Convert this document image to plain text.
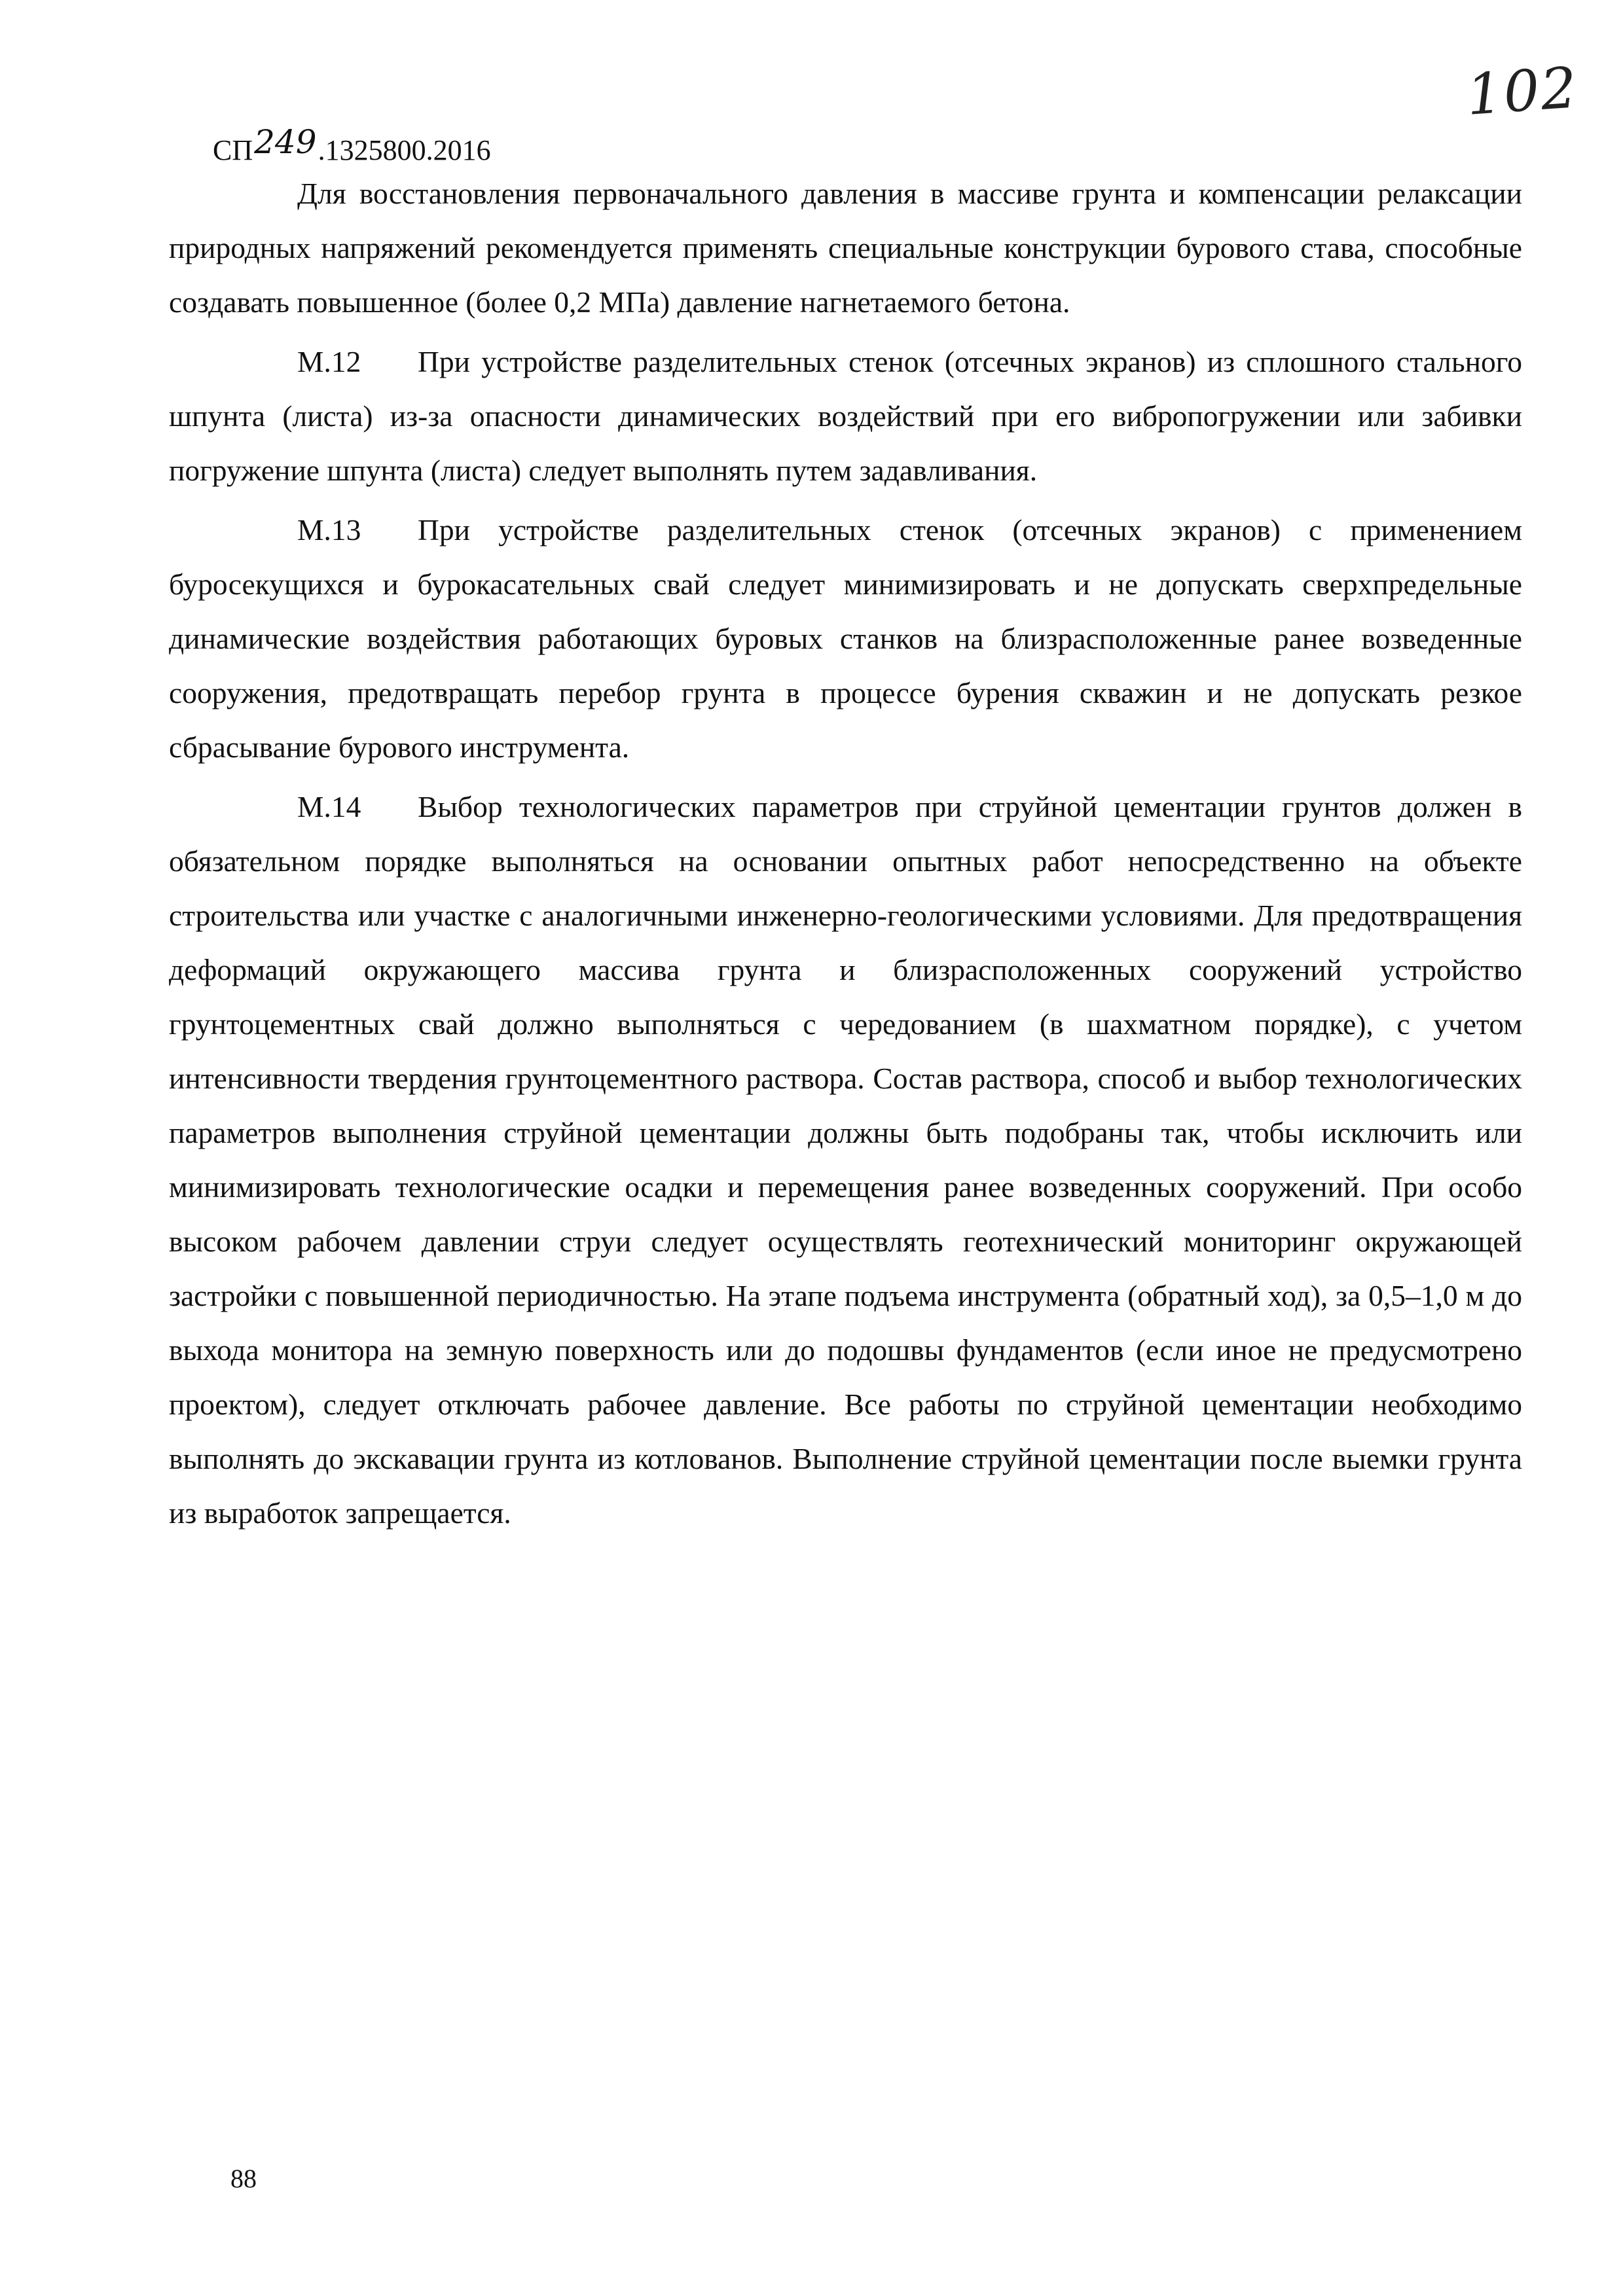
102
СП 249 .1325800.2016

Для восстановления первоначального давления в массиве грунта и компенсации релаксации природных напряжений рекомендуется применять специальные конструкции бурового става, способные создавать повышенное (более 0,2 МПа) давление нагнетаемого бетона.

М.12 При устройстве разделительных стенок (отсечных экранов) из сплошного стального шпунта (листа) из-за опасности динамических воздействий при его вибропогружении или забивки погружение шпунта (листа) следует выполнять путем задавливания.

М.13 При устройстве разделительных стенок (отсечных экранов) с применением буросекущихся и бурокасательных свай следует минимизировать и не допускать сверхпредельные динамические воздействия работающих буровых станков на близрасположенные ранее возведенные сооружения, предотвращать перебор грунта в процессе бурения скважин и не допускать резкое сбрасывание бурового инструмента.

М.14 Выбор технологических параметров при струйной цементации грунтов должен в обязательном порядке выполняться на основании опытных работ непосредственно на объекте строительства или участке с аналогичными инженерно-геологическими условиями. Для предотвращения деформаций окружающего массива грунта и близрасположенных сооружений устройство грунтоцементных свай должно выполняться с чередованием (в шахматном порядке), с учетом интенсивности твердения грунтоцементного раствора. Состав раствора, способ и выбор технологических параметров выполнения струйной цементации должны быть подобраны так, чтобы исключить или минимизировать технологические осадки и перемещения ранее возведенных сооружений. При особо высоком рабочем давлении струи следует осуществлять геотехнический мониторинг окружающей застройки с повышенной периодичностью. На этапе подъема инструмента (обратный ход), за 0,5–1,0 м до выхода монитора на земную поверхность или до подошвы фундаментов (если иное не предусмотрено проектом), следует отключать рабочее давление. Все работы по струйной цементации необходимо выполнять до экскавации грунта из котлованов. Выполнение струйной цементации после выемки грунта из выработок запрещается.

88
